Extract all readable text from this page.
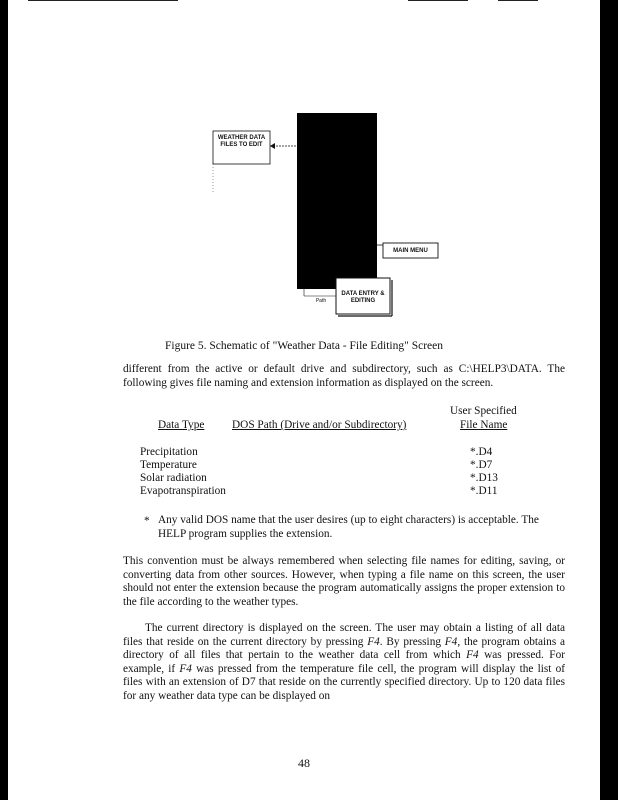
WEATHER DATA FILES TO EDIT
MAIN MENU
DATA ENTRY & EDITING
Path
Figure 5. Schematic of "Weather Data - File Editing" Screen
different from the active or default drive and subdirectory, such as C:\HELP3\DATA. The following gives file naming and extension information as displayed on the screen.
User Specified
Data Type DOS Path (Drive and/or Subdirectory)	File Name
Precipitation	*.D4
Temperature	*.D7
Solar radiation	*.D13
Evapotranspiration	*.D11
* Any valid DOS name that the user desires (up to eight characters) is acceptable. The HELP program supplies the extension.
This convention must be always remembered when selecting file names for editing, saving, or converting data from other sources. However, when typing a file name on this screen, the user should not enter the extension because the program automatically assigns the proper extension to the file according to the weather types.
The current directory is displayed on the screen. The user may obtain a listing of all data files that reside on the current directory by pressing F4. By pressing F4, the program obtains a directory of all files that pertain to the weather data cell from which F4 was pressed. For example, if F4 was pressed from the temperature file cell, the program will display the list of files with an extension of D7 that reside on the currently specified directory. Up to 120 data files for any weather data type can be displayed on
48
